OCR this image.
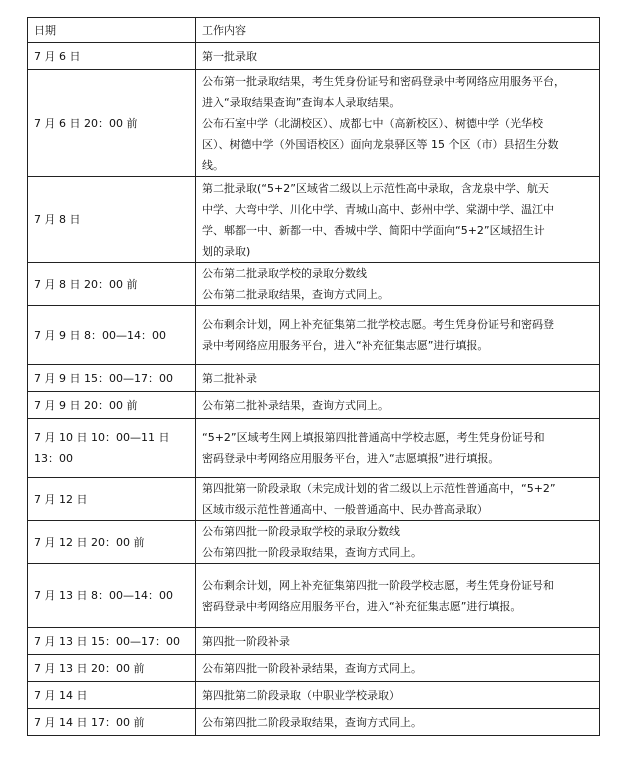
日期	工作内容
7 月 6 日	第一批录取

7 月 6 日 20：00 前	公布第一批录取结果，考生凭身份证号和密码登录中考网络应用服务平台，
进入“录取结果查询”查询本人录取结果。
公布石室中学（北湖校区）、成都七中（高新校区）、树德中学（光华校
区）、树德中学（外国语校区）面向龙泉驿区等 15 个区（市）县招生分数
线。

7 月 8 日	第二批录取(“5+2”区域省二级以上示范性高中录取，含龙泉中学、航天
中学、大弯中学、川化中学、青城山高中、彭州中学、棠湖中学、温江中
学、郫都一中、新都一中、香城中学、简阳中学面向“5+2”区域招生计
划的录取)

7 月 8 日 20：00 前	公布第二批录取学校的录取分数线
公布第二批录取结果，查询方式同上。

7 月 9 日 8：00—14：00	公布剩余计划，网上补充征集第二批学校志愿。考生凭身份证号和密码登
录中考网络应用服务平台，进入“补充征集志愿”进行填报。

7 月 9 日 15：00—17：00	第二批补录

7 月 9 日 20：00 前	公布第二批补录结果，查询方式同上。

7 月 10 日 10：00—11 日 13：00	“5+2”区域考生网上填报第四批普通高中学校志愿，考生凭身份证号和
密码登录中考网络应用服务平台，进入“志愿填报”进行填报。

7 月 12 日	第四批第一阶段录取（未完成计划的省二级以上示范性普通高中，“5+2”
区域市级示范性普通高中、一般普通高中、民办普高录取）

7 月 12 日 20：00 前	公布第四批一阶段录取学校的录取分数线
公布第四批一阶段录取结果，查询方式同上。

7 月 13 日 8：00—14：00	公布剩余计划，网上补充征集第四批一阶段学校志愿，考生凭身份证号和
密码登录中考网络应用服务平台，进入“补充征集志愿”进行填报。

7 月 13 日 15：00—17：00	第四批一阶段补录

7 月 13 日 20：00 前	公布第四批一阶段补录结果，查询方式同上。

7 月 14 日	第四批第二阶段录取（中职业学校录取）

7 月 14 日 17：00 前	公布第四批二阶段录取结果，查询方式同上。
